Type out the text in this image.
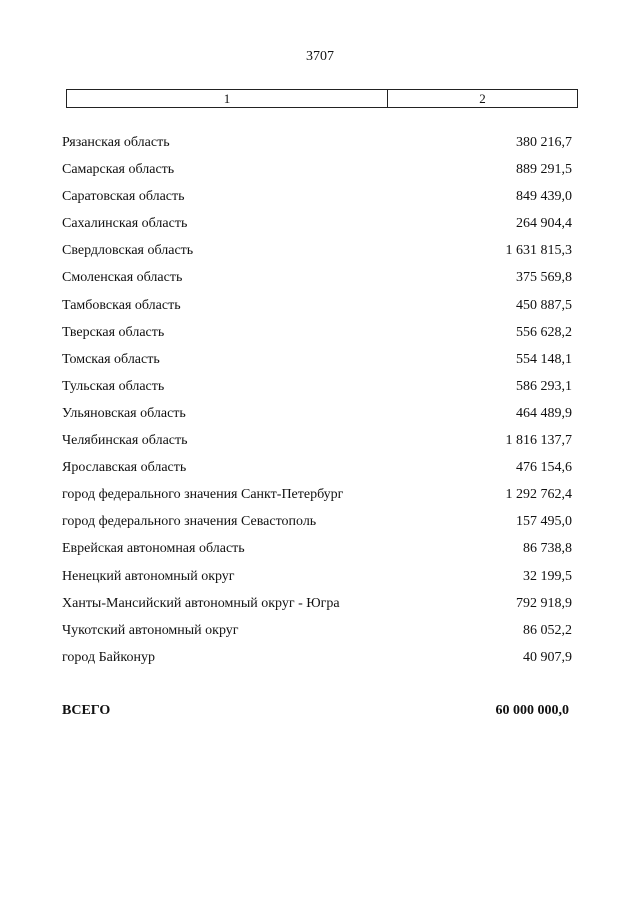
3707
1	2
Рязанская область	380 216,7
Самарская область	889 291,5
Саратовская область	849 439,0
Сахалинская область	264 904,4
Свердловская область	1 631 815,3
Смоленская область	375 569,8
Тамбовская область	450 887,5
Тверская область	556 628,2
Томская область	554 148,1
Тульская область	586 293,1
Ульяновская область	464 489,9
Челябинская область	1 816 137,7
Ярославская область	476 154,6
город федерального значения Санкт-Петербург	1 292 762,4
город федерального значения Севастополь	157 495,0
Еврейская автономная область	86 738,8
Ненецкий автономный округ	32 199,5
Ханты-Мансийский автономный округ - Югра	792 918,9
Чукотский автономный округ	86 052,2
город Байконур	40 907,9
ВСЕГО	60 000 000,0
